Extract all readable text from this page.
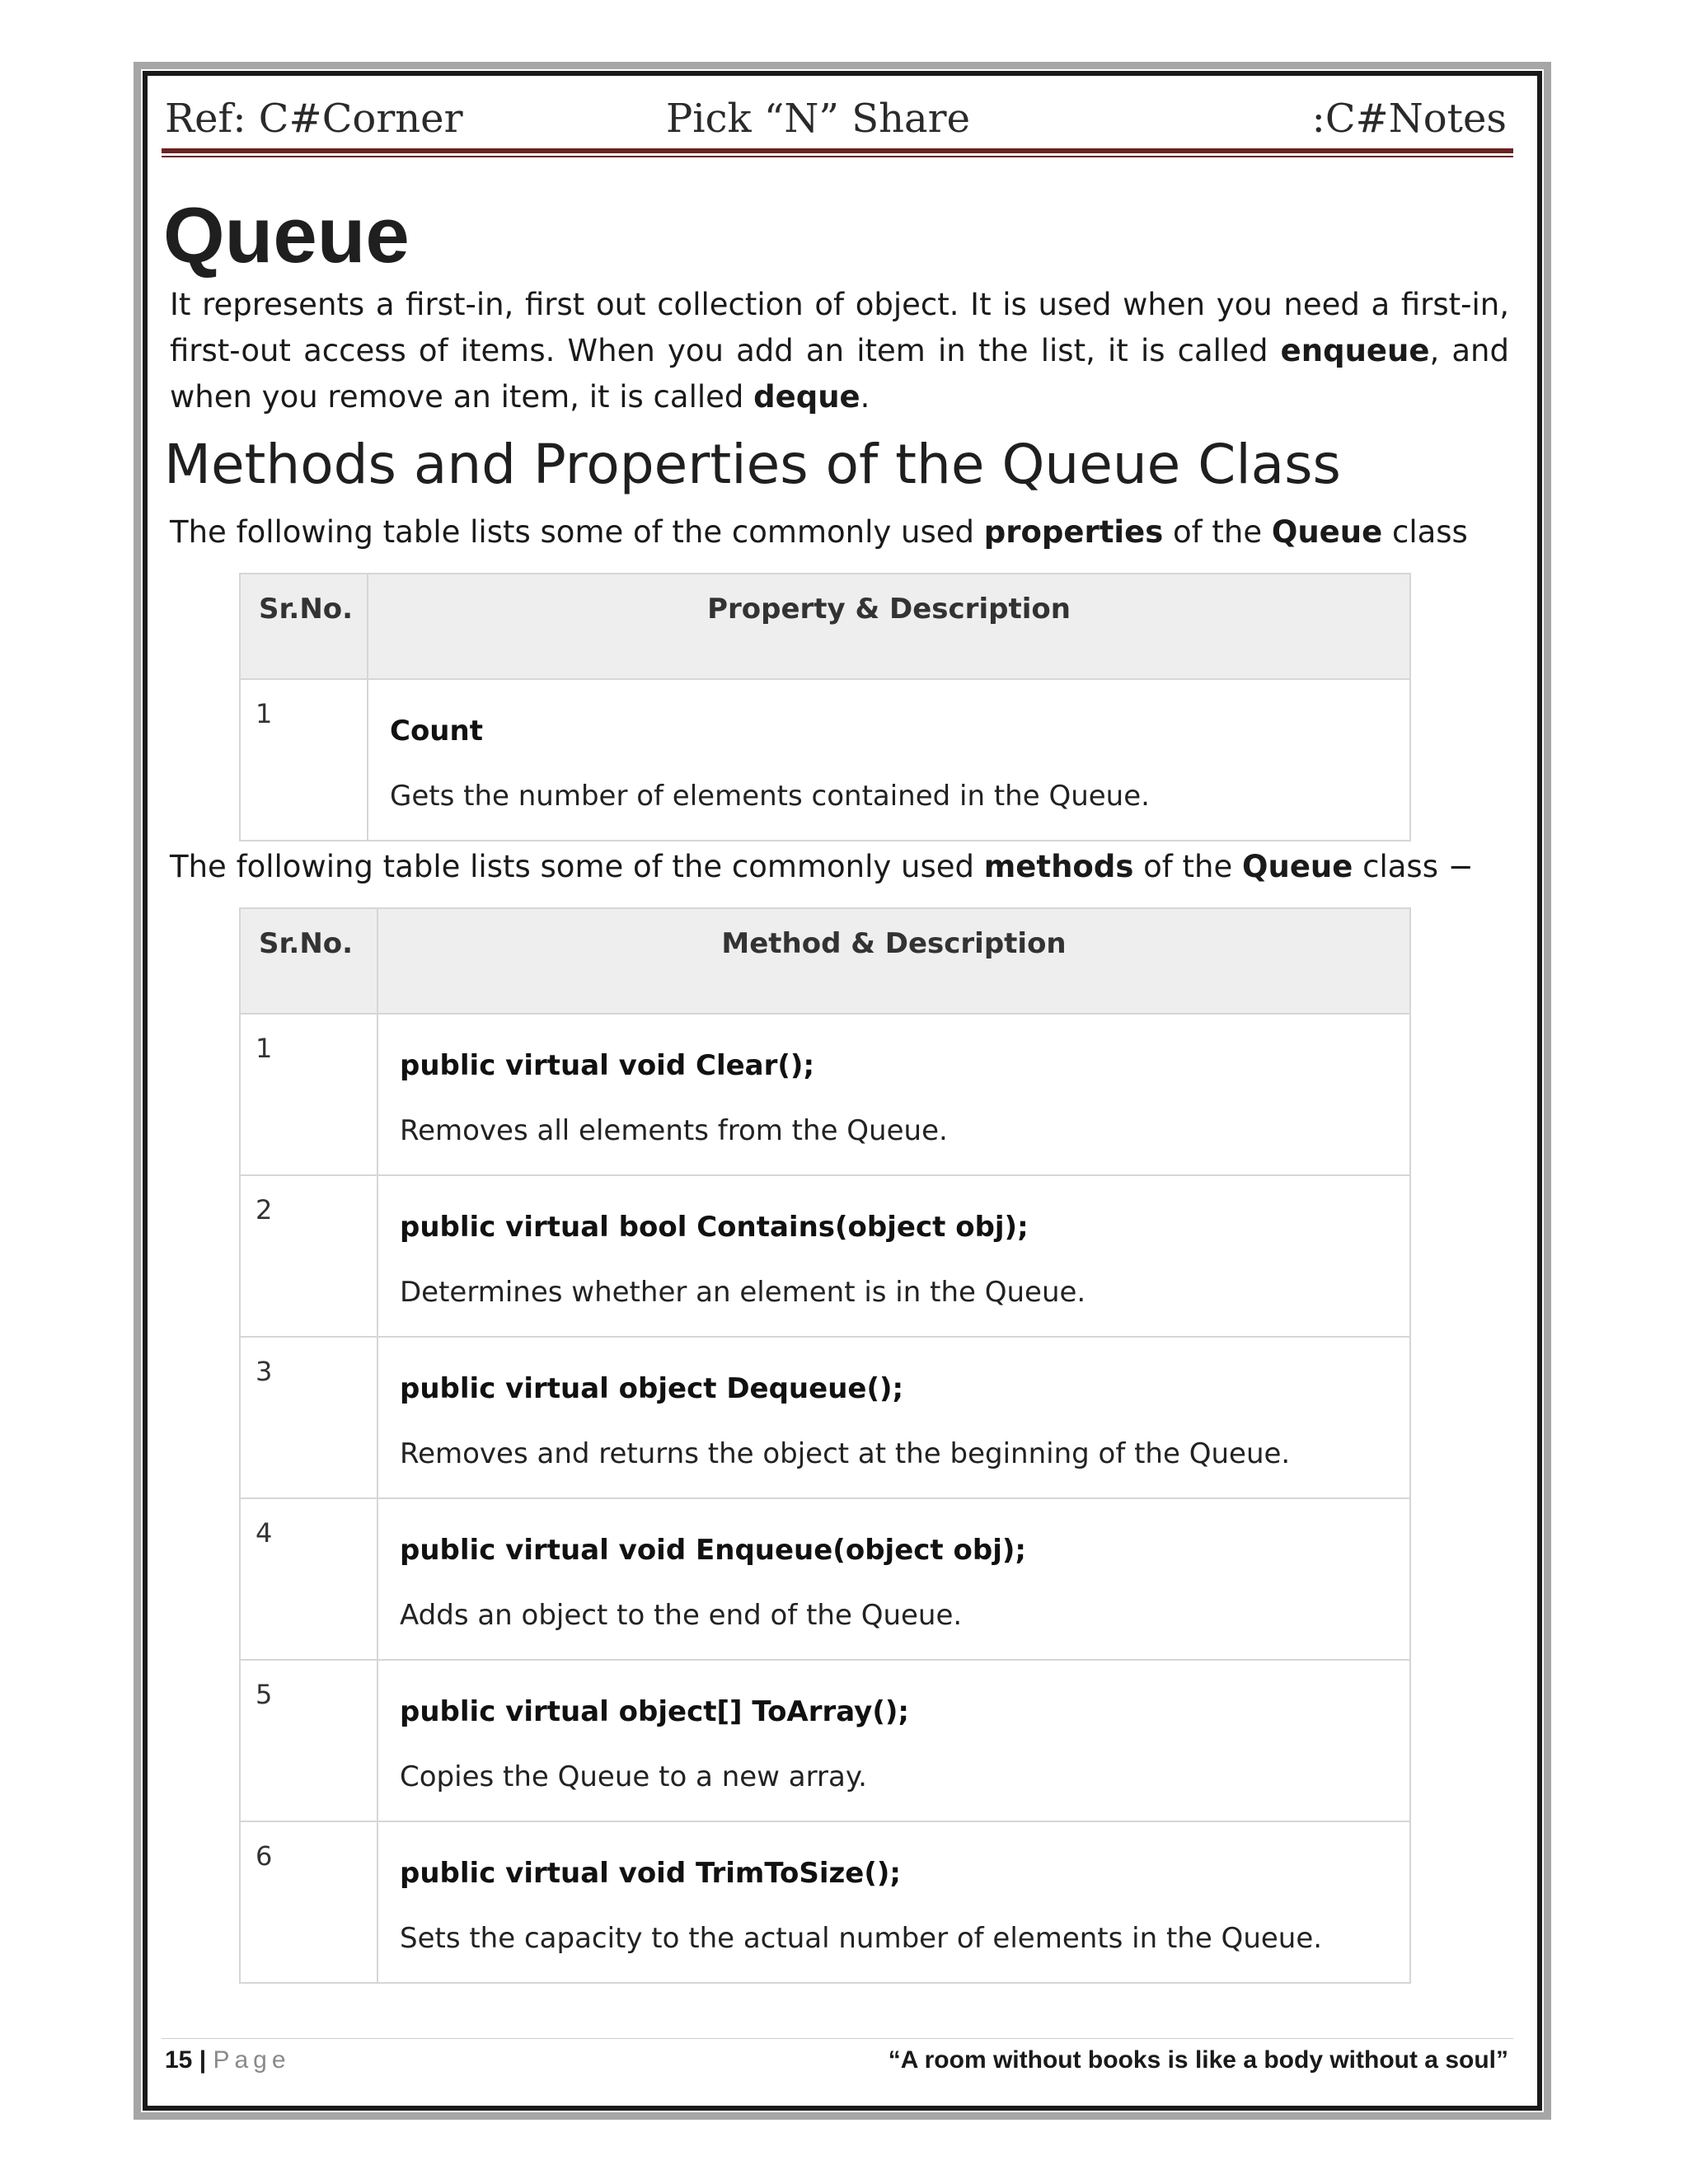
Ref: C#Corner	Pick “N” Share	:C#Notes
Queue

It represents a first-in, first out collection of object. It is used when you need a first-in, first-out access of items. When you add an item in the list, it is called enqueue, and when you remove an item, it is called deque.

Methods and Properties of the Queue Class
The following table lists some of the commonly used properties of the Queue class
Sr.No.	Property & Description

1	Count
Gets the number of elements contained in the Queue.
The following table lists some of the commonly used methods of the Queue class −
Sr.No.	Method & Description

1	public virtual void Clear();
Removes all elements from the Queue.

2	public virtual bool Contains(object obj);
Determines whether an element is in the Queue.

3	public virtual object Dequeue();
Removes and returns the object at the beginning of the Queue.

4	public virtual void Enqueue(object obj);
Adds an object to the end of the Queue.

5	public virtual object[] ToArray();
Copies the Queue to a new array.

6	public virtual void TrimToSize();
Sets the capacity to the actual number of elements in the Queue.
15 | Page	“A room without books is like a body without a soul”
